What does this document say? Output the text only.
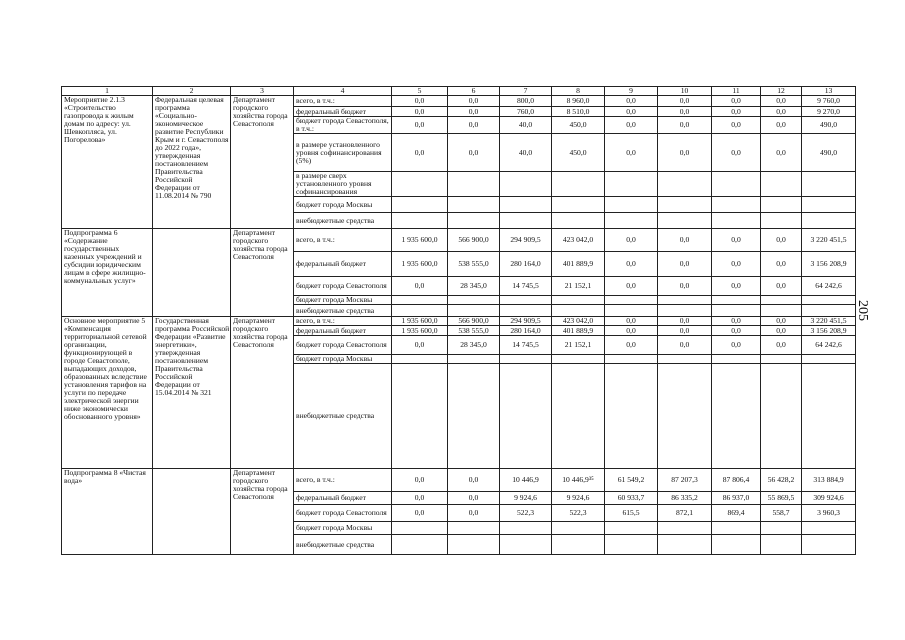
205
1	2	3	4	5	6	7	8	9	10	11	12	13
Мероприятие 2.1.3 «Строительство газопровода к жилым домам по адресу: ул. Шевкопляса, ул. Погорелова»	Федеральная целевая программа «Социально-экономическое развитие Республики Крым и г. Севастополя до 2022 года», утвержденная постановлением Правительства Российской Федерации от 11.08.2014 № 790	Департамент городского хозяйства города Севастополя	всего, в т.ч.:	0,0	0,0	800,0	8 960,0	0,0	0,0	0,0	0,0	9 760,0
			федеральный бюджет	0,0	0,0	760,0	8 510,0	0,0	0,0	0,0	0,0	9 270,0
			бюджет города Севастополя, в т.ч.:	0,0	0,0	40,0	450,0	0,0	0,0	0,0	0,0	490,0
			в размере установленного уровня софинансирования (5%)	0,0	0,0	40,0	450,0	0,0	0,0	0,0	0,0	490,0
			в размере сверх установленного уровня софинансирования									
			бюджет города Москвы									
			внебюджетные средства									
Подпрограмма 6 «Содержание государственных казенных учреждений и субсидии юридическим лицам в сфере жилищно-коммунальных услуг»		Департамент городского хозяйства города Севастополя	всего, в т.ч.:	1 935 600,0	566 900,0	294 909,5	423 042,0	0,0	0,0	0,0	0,0	3 220 451,5
			федеральный бюджет	1 935 600,0	538 555,0	280 164,0	401 889,9	0,0	0,0	0,0	0,0	3 156 208,9
			бюджет города Севастополя	0,0	28 345,0	14 745,5	21 152,1	0,0	0,0	0,0	0,0	64 242,6
			бюджет города Москвы									
			внебюджетные средства									
Основное мероприятие 5 «Компенсация территориальной сетевой организации, функционирующей в городе Севастополе, выпадающих доходов, образованных вследствие установления тарифов на услуги по передаче электрической энергии ниже экономически обоснованного уровня»	Государственная программа Российской Федерации «Развитие энергетики», утвержденная постановлением Правительства Российской Федерации от 15.04.2014 № 321	Департамент городского хозяйства города Севастополя	всего, в т.ч.:	1 935 600,0	566 900,0	294 909,5	423 042,0	0,0	0,0	0,0	0,0	3 220 451,5
			федеральный бюджет	1 935 600,0	538 555,0	280 164,0	401 889,9	0,0	0,0	0,0	0,0	3 156 208,9
			бюджет города Севастополя	0,0	28 345,0	14 745,5	21 152,1	0,0	0,0	0,0	0,0	64 242,6
			бюджет города Москвы									
			внебюджетные средства									
Подпрограмма 8 «Чистая вода»		Департамент городского хозяйства города Севастополя	всего, в т.ч.:	0,0	0,0	10 446,9	10 446,9³⁵	61 549,2	87 207,3	87 806,4	56 428,2	313 884,9
			федеральный бюджет	0,0	0,0	9 924,6	9 924,6	60 933,7	86 335,2	86 937,0	55 869,5	309 924,6
			бюджет города Севастополя	0,0	0,0	522,3	522,3	615,5	872,1	869,4	558,7	3 960,3
			бюджет города Москвы									
			внебюджетные средства									
